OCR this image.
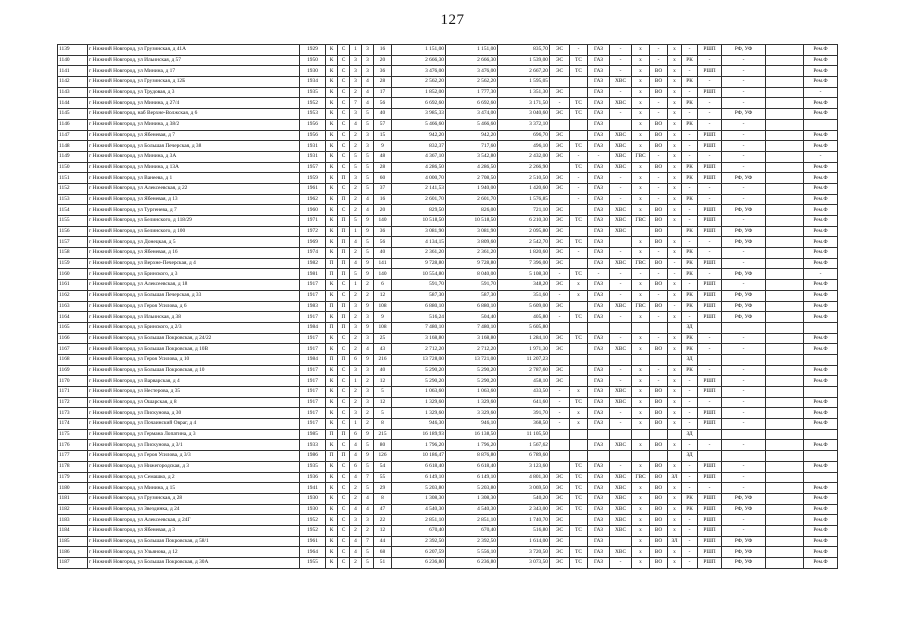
127
1139	г Нижний Новгород, ул Грузинская, д 41А	1929	К	С	1	3	16	1 151,00	1 151,00	835,70	ЭС	-	ГАЗ	-	х	-	х	-	РШП	РФ, УФ		Рем.Ф
1140	г Нижний Новгород, ул Ильинская, д 57	1950	К	С	3	3	20	2 666,30	2 666,30	1 539,00	ЭС	ТС	ГАЗ	-	х	-	х	РК	-	-		Рем.Ф
1141	г Нижний Новгород, ул Минина, д 17	1930	К	С	3	3	36	3 476,00	3 476,00	2 667,20	ЭС	ТС	ГАЗ	-	х	ВО	х	-	РШП	-		Рем.Ф
1142	г Нижний Новгород, ул Грузинская, д 12Б	1934	К	С	3	4	28	2 562,20	2 562,20	1 595,05			ГАЗ	ХВС	х	ВО	х	РК	-	-		Рем.Ф
1143	г Нижний Новгород, ул Трудовая, д 3	1935	К	С	2	4	17	1 852,00	1 777,30	1 351,30	ЭС		ГАЗ	-	х	ВО	х	-	РШП	-		-
1144	г Нижний Новгород, ул Минина, д 27/4	1952	К	С	7	4	56	6 692,60	6 692,60	3 171,50	-	ТС	ГАЗ	ХВС	х	-	х	РК	-	-		Рем.Ф
1145	г Нижний Новгород, наб Верхне-Волжская, д 6	1953	К	С	3	5	40	3 985,33	3 474,00	3 040,60	ЭС	ТС	ГАЗ	-	х	-	х	-	-	РФ, УФ		Рем.Ф
1146	г Нижний Новгород, ул Минина, д 38/2	1956	К	С	4	5	57	5 466,60	5 466,60	3 372,10			ГАЗ		х	ВО	х	РК	-	-		
1147	г Нижний Новгород, ул Ябеневая, д 7	1956	К	С	2	3	15	942,20	942,20	696,70	ЭС		ГАЗ	ХВС	х	ВО	х	-	РШП	-		Рем.Ф
1148	г Нижний Новгород, ул Большая Печерская, д 38	1931	К	С	2	3	9	832,37	717,60	496,10	ЭС	ТС	ГАЗ	ХВС	х	ВО	х	-	РШП	-		Рем.Ф
1149	г Нижний Новгород, ул Минина, д 3А	1931	К	С	5	5	48	4 367,10	3 542,80	2 432,00	ЭС	-	-	ХВС	ГВС	-	х	-	-	-		-
1150	г Нижний Новгород, ул Минина, д 13А	1957	К	С	5	5	28	4 286,50	4 286,50	2 266,90		ТС	ГАЗ	ХВС	х	ВО	х	РК	РШП	-		Рем.Ф
1151	г Нижний Новгород, ул Ванеева, д 1	1959	К	П	3	5	60	4 000,70	2 708,50	2 510,50	ЭС	-	ГАЗ	-	х	-	х	РК	РШП	РФ, УФ		Рем.Ф
1152	г Нижний Новгород, ул Алексеевская, д 22	1961	К	С	2	5	37	2 141,53	1 940,00	1 420,60	ЭС	-	ГАЗ	-	х	-	х	-	-	-		Рем.Ф
1153	г Нижний Новгород, ул Ябеневая, д 13	1962	К	П	2	4	16	2 601,70	2 601,70	1 576,85		-	ГАЗ	-	х	-	х	РК	-	-		Рем.Ф
1154	г Нижний Новгород, ул Тургенева, д 7	1960	К	С	2	4	20	829,50	826,00	721,10	ЭС		ГАЗ	ХВС	х	ВО	х	-	РШП	РФ, УФ		Рем.Ф
1155	г Нижний Новгород, ул Белинского, д 118/29	1971	К	П	5	9	140	10 518,50	10 518,50	6 210,30	ЭС	ТС	ГАЗ	ХВС	ГВС	ВО	х	-	РШП	-		Рем.Ф
1156	г Нижний Новгород, ул Белинского, д 100	1972	К	П	1	9	36	3 081,90	3 081,90	2 095,80	ЭС		ГАЗ	ХВС		ВО		РК	РШП	РФ, УФ		Рем.Ф
1157	г Нижний Новгород, ул Донецкая, д 5	1969	К	П	4	5	56	4 134,15	3 809,60	2 542,70	ЭС	ТС	ГАЗ		х	ВО	х	-	-	РФ, УФ		Рем.Ф
1158	г Нижний Новгород, ул Ябеневая, д 16	1974	К	П	2	5	40	2 361,20	2 361,20	1 820,60	ЭС	-	ГАЗ	-	х	-	х	РК	-	-		Рем.Ф
1159	г Нижний Новгород, ул Верхне-Печерская, д 4	1982	П	П	4	9	141	9 728,80	9 728,80	7 396,00	ЭС		ГАЗ	ХВС	ГВС	ВО	-	РК	РШП	-		Рем.Ф
1160	г Нижний Новгород, ул Бринского, д 3	1981	П	П	5	9	140	10 554,80	8 040,00	5 108,30	-	ТС	-	-	-	-	-	РК	-	РФ, УФ		-
1161	г Нижний Новгород, ул Алексеевская, д 18	1917	К	С	1	2	6	591,70	591,70	348,20	ЭС	х	ГАЗ	-	х	ВО	х	-	РШП	-		Рем.Ф
1162	г Нижний Новгород, ул Большая Печерская, д 33	1917	К	С	2	2	12	587,30	587,30	351,60	-	х	ГАЗ	-	х	-	х	РК	РШП	РФ, УФ		Рем.Ф
1163	г Нижний Новгород, ул Героя Усилова, д 6	1983	П	П	3	9	108	6 880,10	6 880,10	5 609,00	ЭС		ГАЗ	ХВС	ГВС	ВО	-	РК	РШП	РФ, УФ		Рем.Ф
1164	г Нижний Новгород, ул Ильинская, д 38	1917	К	П	2	3	9	516,24	504,40	405,80	-	ТС	ГАЗ	-	х	-	х	-	РШП	РФ, УФ		Рем.Ф
1165	г Нижний Новгород, ул Бринского, д 2/3	1984	П	П	3	9	108	7 480,10	7 480,10	5 605,80								ЗД				
1166	г Нижний Новгород, ул Большая Покровская, д 24/22	1917	К	С	2	3	25	3 168,80	3 168,80	1 284,10	ЭС	ТС	ГАЗ	-	х	-	х	РК	-	-		Рем.Ф
1167	г Нижний Новгород, ул Большая Покровская, д 10В	1917	К	С	2	4	43	2 712,20	2 712,20	1 971,30	ЭС		ГАЗ	ХВС	х	ВО	х	РК	-	-		Рем.Ф
1168	г Нижний Новгород, ул Героя Усилова, д 10	1984	П	П	6	9	216	13 728,00	13 721,00	11 207,23								ЗД				
1169	г Нижний Новгород, ул Большая Покровская, д 10	1917	К	С	3	3	40	5 290,20	5 290,20	2 787,60	ЭС		ГАЗ	-	х	-	х	РК	-	-		Рем.Ф
1170	г Нижний Новгород, ул Варварская, д 4	1917	К	С	1	2	12	5 290,20	5 290,20	458,10	ЭС		ГАЗ	-	х	-	х	-	РШП	-		Рем.Ф
1171	г Нижний Новгород, ул Нестерова, д 35	1917	К	С	2	3	5	1 063,60	1 063,60	433,50	-	х	ГАЗ	ХВС	х	ВО	х	-	РШП	-		
1172	г Нижний Новгород, ул Ошарская, д 8	1917	К	С	2	3	12	1 329,60	1 329,60	641,60	-	ТС	ГАЗ	ХВС	х	ВО	х	-	-	-		Рем.Ф
1173	г Нижний Новгород, ул Пискунова, д 30	1917	К	С	3	2	5	1 329,60	3 329,60	391,70	-	х	ГАЗ	-	х	ВО	х	-	РШП	-		Рем.Ф
1174	г Нижний Новгород, ул Почаинский Овраг, д 4	1917	К	С	1	2	8	946,30	946,10	368,50	-	х	ГАЗ	-	х	ВО	х	-	РШП	-		Рем.Ф
1175	г Нижний Новгород, ул Германа Лопатина, д 3	1985	П	П	6	9	215	16 189,93	16 138,50	11 105,50								ЗД				
1176	г Нижний Новгород, ул Пискунова, д 3/1	1933	К	С	4	5	80	1 796,20	1 796,20	1 567,62			ГАЗ	ХВС	х	ВО	х	-	-	-		Рем.Ф
1177	г Нижний Новгород, ул Героя Усилова, д 3/3	1986	П	П	4	9	126	10 186,47	8 876,80	6 789,60								ЗД				
1178	г Нижний Новгород, ул Нижегородская, д 3	1935	К	С	6	5	54	6 618,40	6 618,40	3 123,60		ТС	ГАЗ	-	х	ВО	х	-	РШП	-		Рем.Ф
1179	г Нижний Новгород, ул Семашко, д 2	1936	К	С	4	7	55	6 149,10	6 149,10	4 801,30	ЭС	ТС	ГАЗ	ХВС	ГВС	ВО	ЗЛ	-	РШП	-		
1180	г Нижний Новгород, ул Минина, д 15	1941	К	С	2	5	29	5 203,80	5 203,80	3 069,50	ЭС	ТС	ГАЗ	ХВС	х	ВО	х	-	-	-		Рем.Ф
1181	г Нижний Новгород, ул Грузинская, д 28	1930	К	С	2	4	8	1 308,30	1 308,30	540,20	ЭС	ТС	ГАЗ	ХВС	х	ВО	х	РК	РШП	РФ, УФ		Рем.Ф
1182	г Нижний Новгород, ул Звездинка, д 24	1930	К	С	4	4	47	4 540,30	4 540,30	2 343,00	ЭС	ТС	ГАЗ	ХВС	х	ВО	х	РК	РШП	РФ, УФ		Рем.Ф
1183	г Нижний Новгород, ул Алексеевская, д 24Г	1952	К	С	3	3	22	2 851,10	2 851,10	1 740,70	ЭС		ГАЗ	ХВС	х	ВО	х	-	РШП	-		Рем.Ф
1184	г Нижний Новгород, ул Ябеневая, д 3	1952	К	С	2	2	12	670,40	670,40	516,80	ЭС	ТС	ГАЗ	ХВС	х	ВО	х	-	РШП	-		Рем.Ф
1185	г Нижний Новгород, ул Большая Покровская, д 58/1	1961	К	С	4	7	44	2 392,50	2 392,50	1 614,00	ЭС		ГАЗ		х	ВО	ЗЛ	-	РШП	РФ, УФ		Рем.Ф
1186	г Нижний Новгород, ул Ульянова, д 12	1964	К	С	4	5	68	6 207,59	5 556,10	3 720,50	ЭС	ТС	ГАЗ	ХВС	х	ВО	х	-	РШП	РФ, УФ		Рем.Ф
1187	г Нижний Новгород, ул Большая Покровская, д 30А	1955	К	С	2	5	51	6 236,80	6 236,80	3 073,50	ЭС	ТС	ГАЗ	-	х	ВО	х	-	РШП	РФ, УФ		Рем.Ф
